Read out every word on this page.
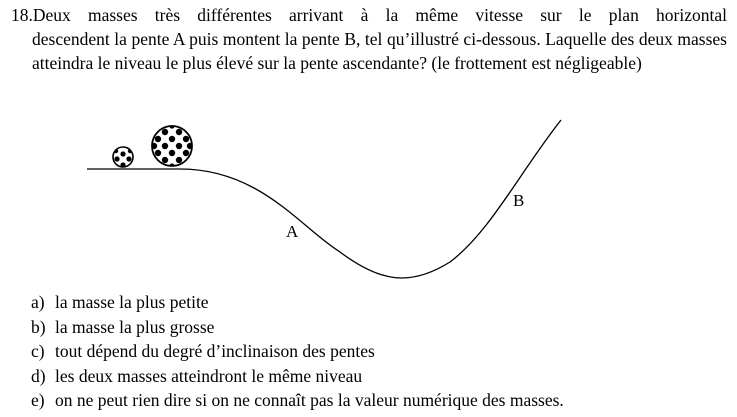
18.Deux masses très différentes arrivant à la même vitesse sur le plan horizontal
descendent la pente A puis montent la pente B, tel qu’illustré ci-dessous. Laquelle des deux masses atteindra le niveau le plus élevé sur la pente ascendante? (le frottement est négligeable)
A
B
a) la masse la plus petite
b) la masse la plus grosse
c) tout dépend du degré d’inclinaison des pentes
d) les deux masses atteindront le même niveau
e) on ne peut rien dire si on ne connaît pas la valeur numérique des masses.
